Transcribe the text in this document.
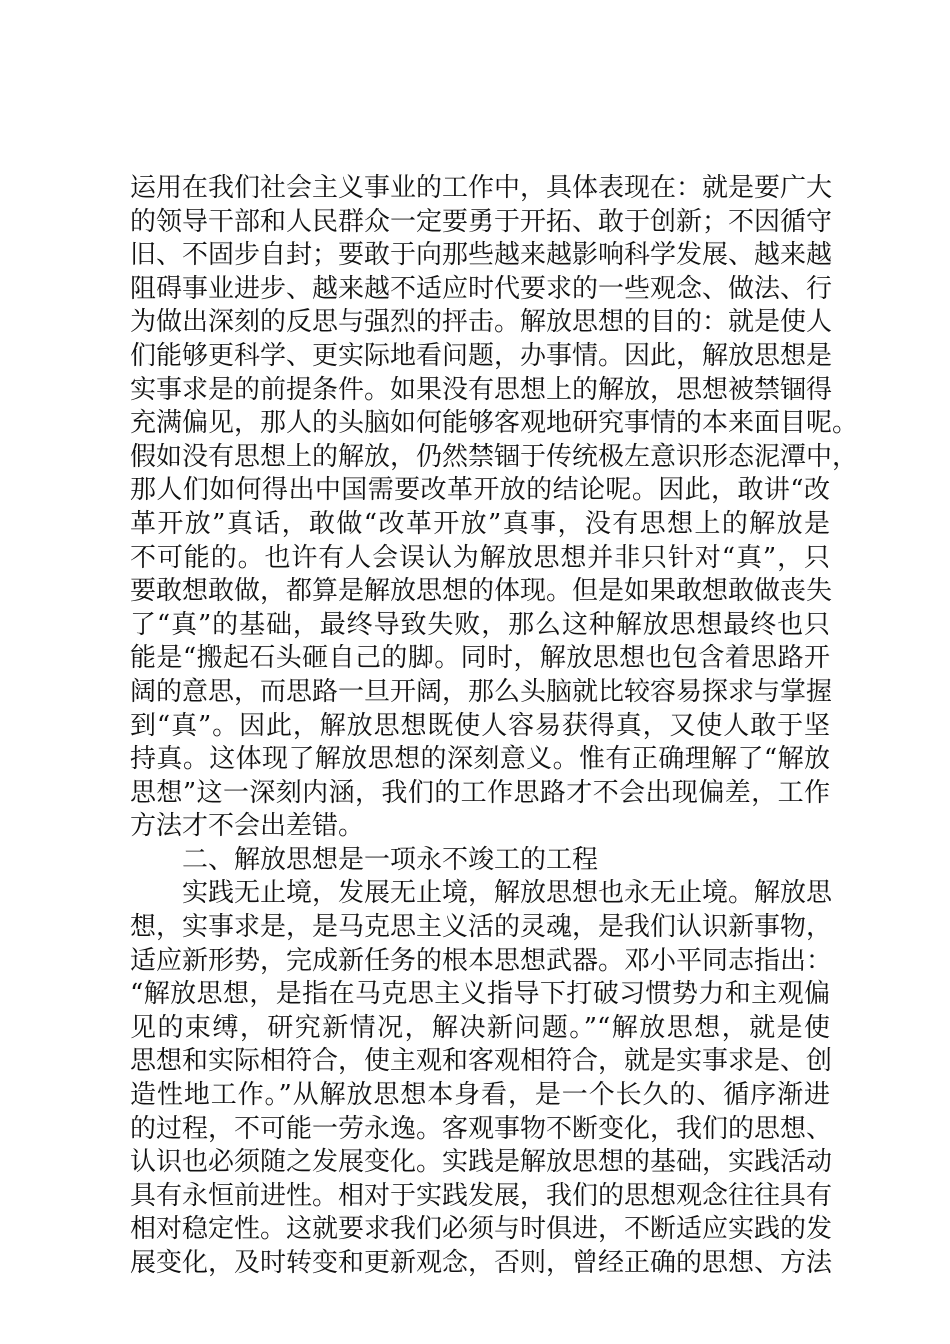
运用在我们社会主义事业的工作中，具体表现在：就是要广大
的领导干部和人民群众一定要勇于开拓、敢于创新；不因循守
旧、不固步自封；要敢于向那些越来越影响科学发展、越来越
阻碍事业进步、越来越不适应时代要求的一些观念、做法、行
为做出深刻的反思与强烈的抨击。解放思想的目的：就是使人
们能够更科学、更实际地看问题，办事情。因此，解放思想是
实事求是的前提条件。如果没有思想上的解放，思想被禁锢得
充满偏见，那人的头脑如何能够客观地研究事情的本来面目呢。
假如没有思想上的解放，仍然禁锢于传统极左意识形态泥潭中，
那人们如何得出中国需要改革开放的结论呢。因此，敢讲“改
革开放”真话，敢做“改革开放”真事，没有思想上的解放是
不可能的。也许有人会误认为解放思想并非只针对“真”，只
要敢想敢做，都算是解放思想的体现。但是如果敢想敢做丧失
了“真”的基础，最终导致失败，那么这种解放思想最终也只
能是“搬起石头砸自己的脚。同时，解放思想也包含着思路开
阔的意思，而思路一旦开阔，那么头脑就比较容易探求与掌握
到“真”。因此，解放思想既使人容易获得真，又使人敢于坚
持真。这体现了解放思想的深刻意义。惟有正确理解了“解放
思想”这一深刻内涵，我们的工作思路才不会出现偏差，工作
方法才不会出差错。
二、解放思想是一项永不竣工的工程
实践无止境，发展无止境，解放思想也永无止境。解放思
想，实事求是，是马克思主义活的灵魂，是我们认识新事物，
适应新形势，完成新任务的根本思想武器。邓小平同志指出：
“解放思想，是指在马克思主义指导下打破习惯势力和主观偏
见的束缚，研究新情况，解决新问题。”“解放思想，就是使
思想和实际相符合，使主观和客观相符合，就是实事求是、创
造性地工作。”从解放思想本身看，是一个长久的、循序渐进
的过程，不可能一劳永逸。客观事物不断变化，我们的思想、
认识也必须随之发展变化。实践是解放思想的基础，实践活动
具有永恒前进性。相对于实践发展，我们的思想观念往往具有
相对稳定性。这就要求我们必须与时俱进，不断适应实践的发
展变化，及时转变和更新观念，否则，曾经正确的思想、方法
